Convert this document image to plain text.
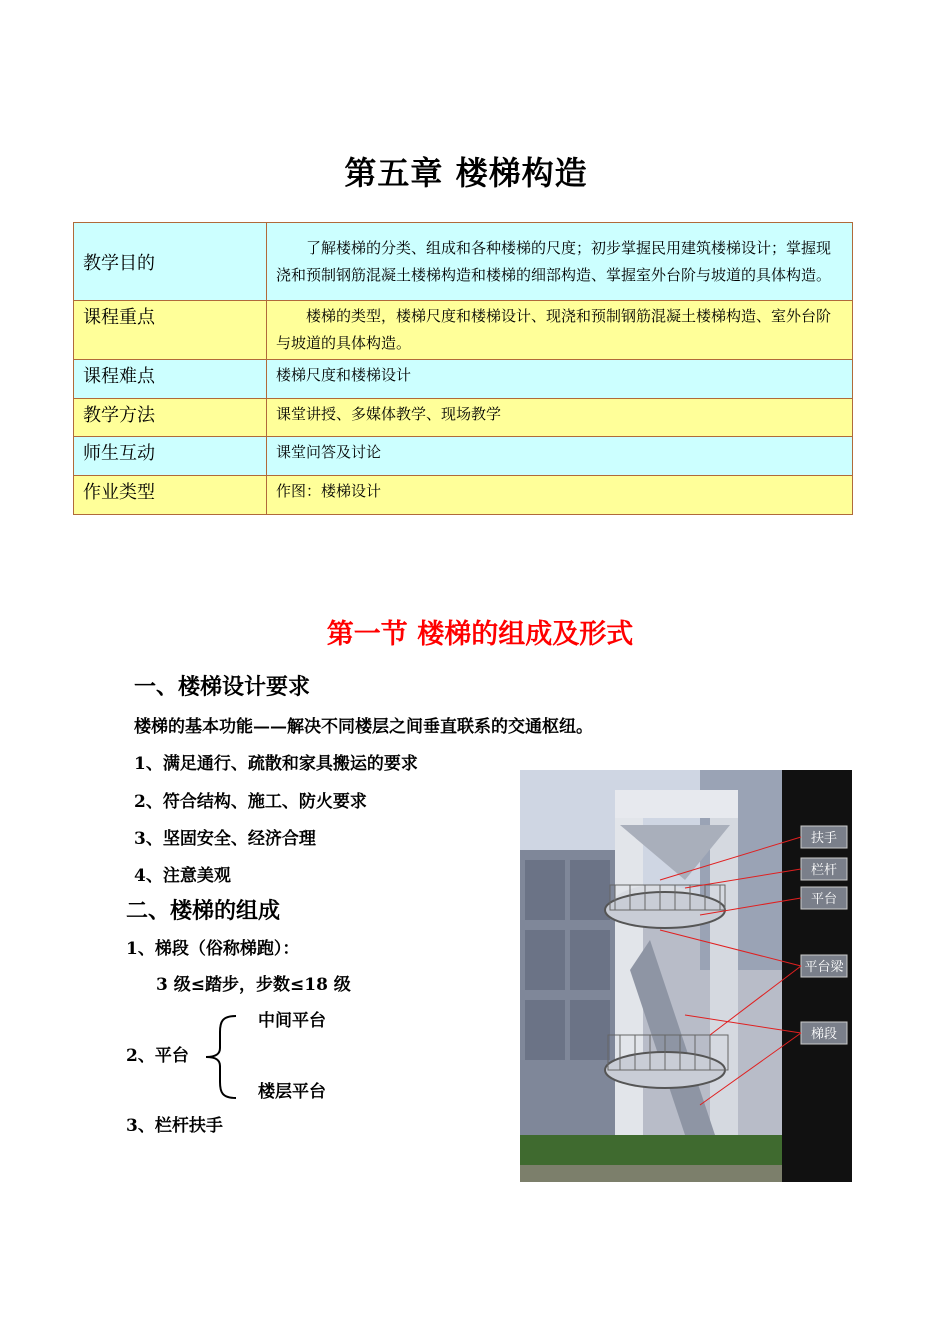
第五章 楼梯构造
教学目的	　　了解楼梯的分类、组成和各种楼梯的尺度；初步掌握民用建筑楼梯设计；掌握现浇和预制钢筋混凝土楼梯构造和楼梯的细部构造、掌握室外台阶与坡道的具体构造。
课程重点	　　楼梯的类型，楼梯尺度和楼梯设计、现浇和预制钢筋混凝土楼梯构造、室外台阶与坡道的具体构造。
课程难点	楼梯尺度和楼梯设计
教学方法	课堂讲授、多媒体教学、现场教学
师生互动	课堂问答及讨论
作业类型	作图：楼梯设计
第一节 楼梯的组成及形式
一、楼梯设计要求
楼梯的基本功能——解决不同楼层之间垂直联系的交通枢纽。
1、满足通行、疏散和家具搬运的要求
2、符合结构、施工、防火要求
3、坚固安全、经济合理
4、注意美观
二、楼梯的组成
1、梯段（俗称梯跑）：
3 级≤踏步，步数≤18 级
中间平台
2、平台
楼层平台
3、栏杆扶手
扶手
栏杆
平台
平台梁
梯段
